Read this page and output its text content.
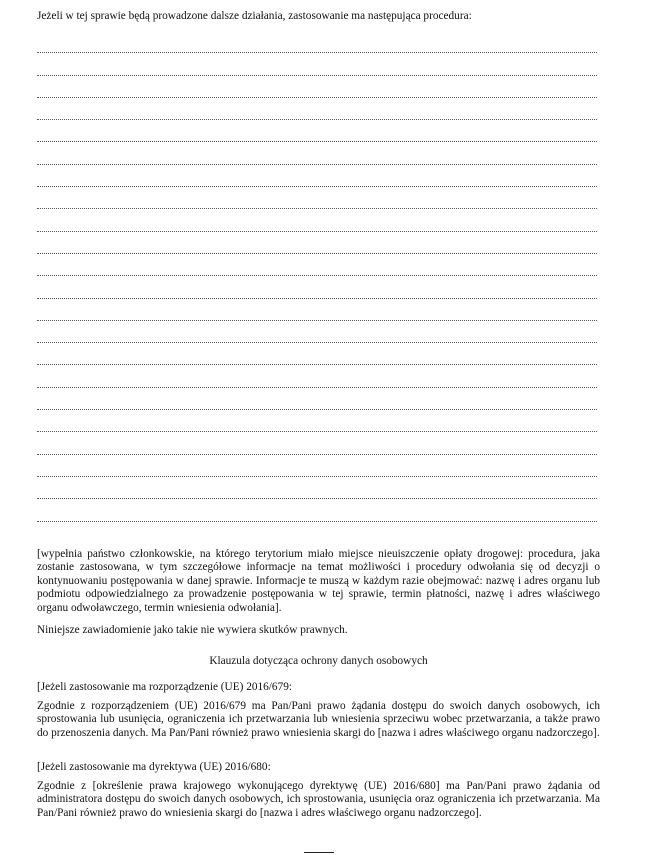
Jeżeli w tej sprawie będą prowadzone dalsze działania, zastosowanie ma następująca procedura:

[wypełnia państwo członkowskie, na którego terytorium miało miejsce nieuiszczenie opłaty drogowej: procedura, jaka zostanie zastosowana, w tym szczegółowe informacje na temat możliwości i procedury odwołania się od decyzji o kontynuowaniu postępowania w danej sprawie. Informacje te muszą w każdym razie obejmować: nazwę i adres organu lub podmiotu odpowiedzialnego za prowadzenie postępowania w tej sprawie, termin płatności, nazwę i adres właściwego organu odwoławczego, termin wniesienia odwołania].

Niniejsze zawiadomienie jako takie nie wywiera skutków prawnych.

Klauzula dotycząca ochrony danych osobowych

[Jeżeli zastosowanie ma rozporządzenie (UE) 2016/679:

Zgodnie z rozporządzeniem (UE) 2016/679 ma Pan/Pani prawo żądania dostępu do swoich danych osobowych, ich sprostowania lub usunięcia, ograniczenia ich przetwarzania lub wniesienia sprzeciwu wobec przetwarzania, a także prawo do przenoszenia danych. Ma Pan/Pani również prawo wniesienia skargi do [nazwa i adres właściwego organu nadzorczego].

[Jeżeli zastosowanie ma dyrektywa (UE) 2016/680:

Zgodnie z [określenie prawa krajowego wykonującego dyrektywę (UE) 2016/680] ma Pan/Pani prawo żądania od administratora dostępu do swoich danych osobowych, ich sprostowania, usunięcia oraz ograniczenia ich przetwarzania. Ma Pan/Pani również prawo do wniesienia skargi do [nazwa i adres właściwego organu nadzorczego].
